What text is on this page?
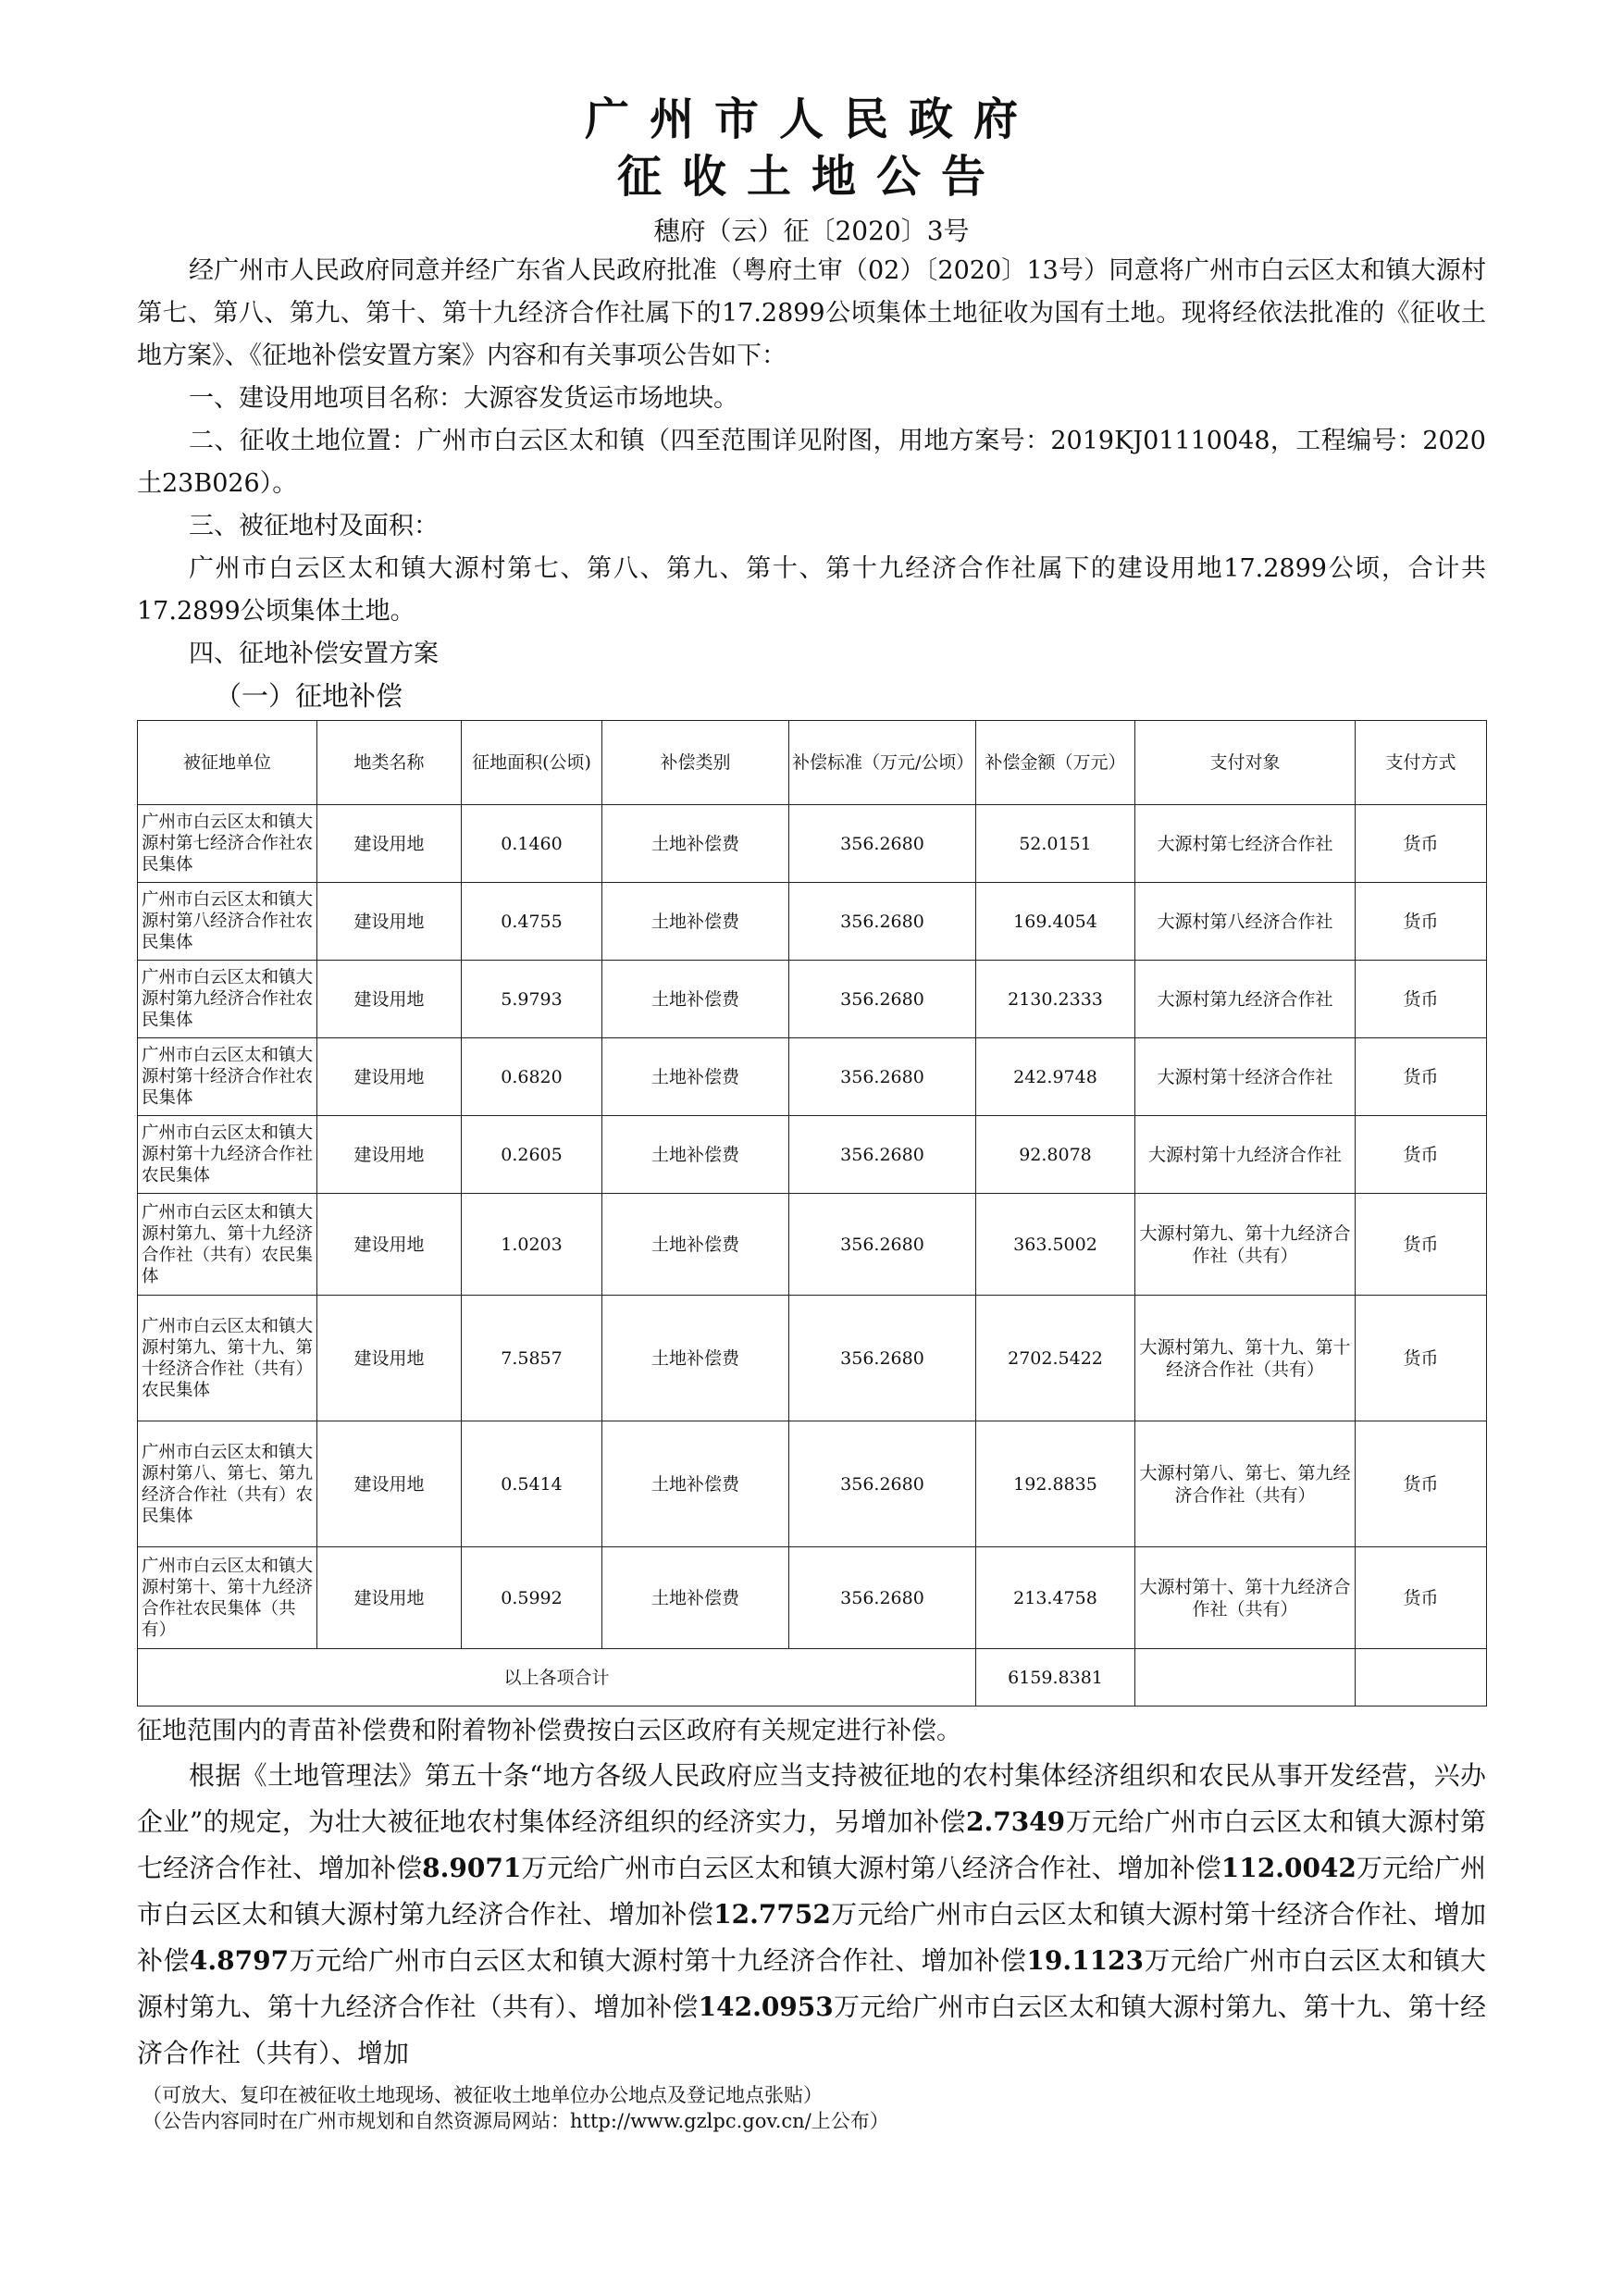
广州市人民政府
征收土地公告
穗府（云）征〔2020〕3号

经广州市人民政府同意并经广东省人民政府批准（粤府土审（02）〔2020〕13号）同意将广州市白云区太和镇大源村第七、第八、第九、第十、第十九经济合作社属下的17.2899公顷集体土地征收为国有土地。现将经依法批准的《征收土地方案》、《征地补偿安置方案》内容和有关事项公告如下：

一、建设用地项目名称：大源容发货运市场地块。

二、征收土地位置：广州市白云区太和镇（四至范围详见附图，用地方案号：2019KJ01110048，工程编号：2020土23B026）。

三、被征地村及面积：

广州市白云区太和镇大源村第七、第八、第九、第十、第十九经济合作社属下的建设用地17.2899公顷，合计共17.2899公顷集体土地。

四、征地补偿安置方案

（一）征地补偿
被征地单位	地类名称	征地面积(公顷)	补偿类别	补偿标准（万元/公顷）	补偿金额（万元）	支付对象	支付方式
广州市白云区太和镇大源村第七经济合作社农民集体	建设用地	0.1460	土地补偿费	356.2680	52.0151	大源村第七经济合作社	货币
广州市白云区太和镇大源村第八经济合作社农民集体	建设用地	0.4755	土地补偿费	356.2680	169.4054	大源村第八经济合作社	货币
广州市白云区太和镇大源村第九经济合作社农民集体	建设用地	5.9793	土地补偿费	356.2680	2130.2333	大源村第九经济合作社	货币
广州市白云区太和镇大源村第十经济合作社农民集体	建设用地	0.6820	土地补偿费	356.2680	242.9748	大源村第十经济合作社	货币
广州市白云区太和镇大源村第十九经济合作社农民集体	建设用地	0.2605	土地补偿费	356.2680	92.8078	大源村第十九经济合作社	货币
广州市白云区太和镇大源村第九、第十九经济合作社（共有）农民集体	建设用地	1.0203	土地补偿费	356.2680	363.5002	大源村第九、第十九经济合作社（共有）	货币
广州市白云区太和镇大源村第九、第十九、第十经济合作社（共有）农民集体	建设用地	7.5857	土地补偿费	356.2680	2702.5422	大源村第九、第十九、第十经济合作社（共有）	货币
广州市白云区太和镇大源村第八、第七、第九经济合作社（共有）农民集体	建设用地	0.5414	土地补偿费	356.2680	192.8835	大源村第八、第七、第九经济合作社（共有）	货币
广州市白云区太和镇大源村第十、第十九经济合作社农民集体（共有）	建设用地	0.5992	土地补偿费	356.2680	213.4758	大源村第十、第十九经济合作社（共有）	货币
以上各项合计					6159.8381		

征地范围内的青苗补偿费和附着物补偿费按白云区政府有关规定进行补偿。

根据《土地管理法》第五十条“地方各级人民政府应当支持被征地的农村集体经济组织和农民从事开发经营，兴办企业”的规定，为壮大被征地农村集体经济组织的经济实力，另增加补偿2.7349万元给广州市白云区太和镇大源村第七经济合作社、增加补偿8.9071万元给广州市白云区太和镇大源村第八经济合作社、增加补偿112.0042万元给广州市白云区太和镇大源村第九经济合作社、增加补偿12.7752万元给广州市白云区太和镇大源村第十经济合作社、增加补偿4.8797万元给广州市白云区太和镇大源村第十九经济合作社、增加补偿19.1123万元给广州市白云区太和镇大源村第九、第十九经济合作社（共有）、增加补偿142.0953万元给广州市白云区太和镇大源村第九、第十九、第十经济合作社（共有）、增加

（可放大、复印在被征收土地现场、被征收土地单位办公地点及登记地点张贴）
（公告内容同时在广州市规划和自然资源局网站：http://www.gzlpc.gov.cn/上公布）
